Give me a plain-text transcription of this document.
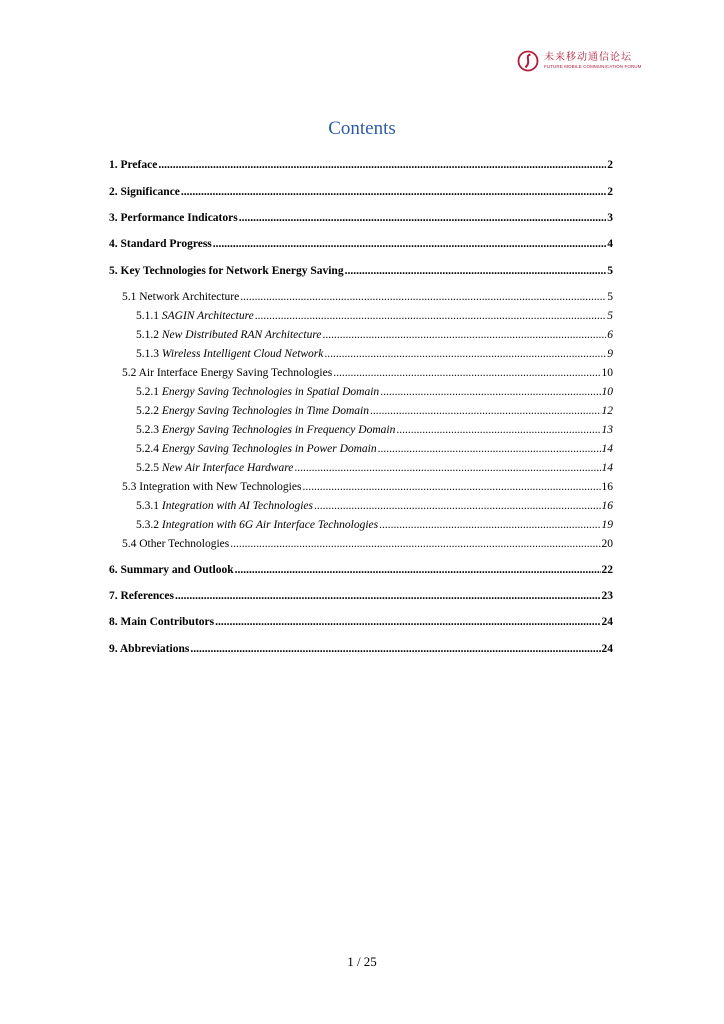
未来移动通信论坛
FUTURE MOBILE COMMUNICATION FORUM
Contents
1. Preface .....	2
2. Significance .....	2
3. Performance Indicators .....	3
4. Standard Progress .....	4
5. Key Technologies for Network Energy Saving .....	5
5.1 Network Architecture .....	5
5.1.1 SAGIN Architecture .....	5
5.1.2 New Distributed RAN Architecture .....	6
5.1.3 Wireless Intelligent Cloud Network .....	9
5.2 Air Interface Energy Saving Technologies .....	10
5.2.1 Energy Saving Technologies in Spatial Domain .....	10
5.2.2 Energy Saving Technologies in Time Domain .....	12
5.2.3 Energy Saving Technologies in Frequency Domain .....	13
5.2.4 Energy Saving Technologies in Power Domain .....	14
5.2.5 New Air Interface Hardware .....	14
5.3 Integration with New Technologies .....	16
5.3.1 Integration with AI Technologies .....	16
5.3.2 Integration with 6G Air Interface Technologies .....	19
5.4 Other Technologies .....	20
6. Summary and Outlook .....	22
7. References .....	23
8. Main Contributors .....	24
9. Abbreviations .....	24
1 / 25
